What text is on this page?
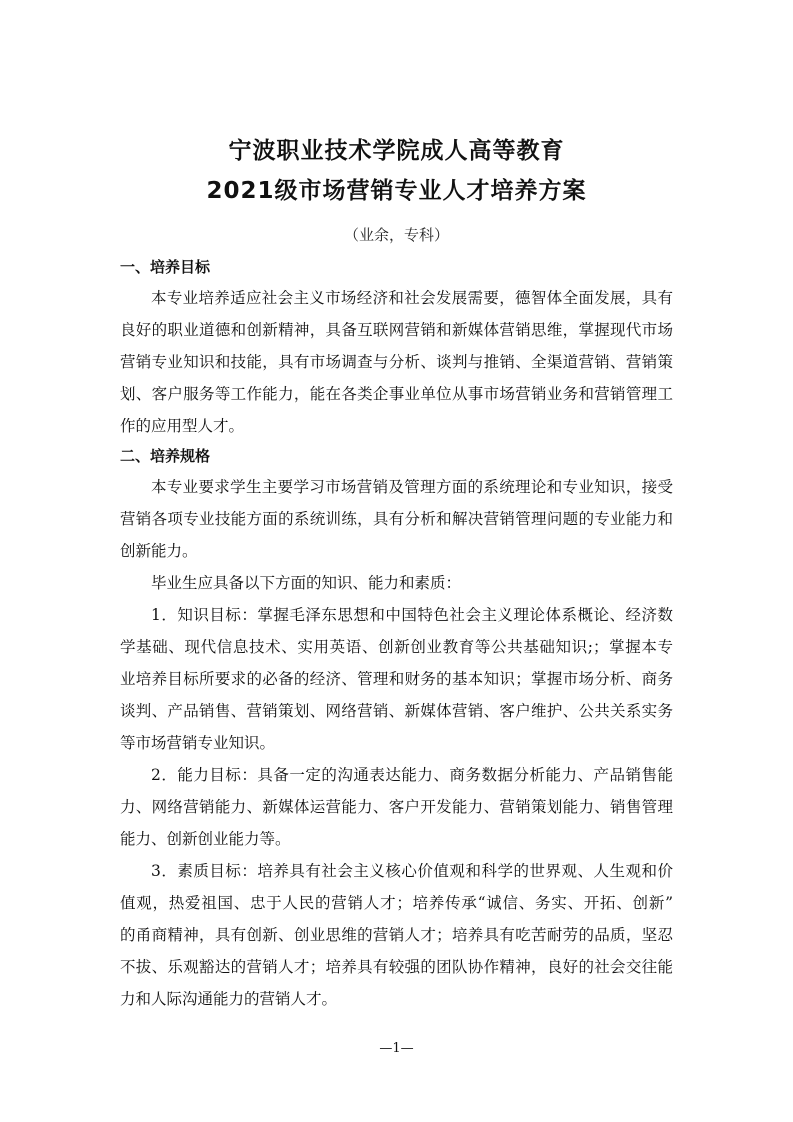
宁波职业技术学院成人高等教育
2021级市场营销专业人才培养方案
（业余，专科）
一、培养目标
本专业培养适应社会主义市场经济和社会发展需要，德智体全面发展，具有
良好的职业道德和创新精神，具备互联网营销和新媒体营销思维，掌握现代市场
营销专业知识和技能，具有市场调查与分析、谈判与推销、全渠道营销、营销策
划、客户服务等工作能力，能在各类企事业单位从事市场营销业务和营销管理工
作的应用型人才。
二、培养规格
本专业要求学生主要学习市场营销及管理方面的系统理论和专业知识，接受
营销各项专业技能方面的系统训练，具有分析和解决营销管理问题的专业能力和
创新能力。
毕业生应具备以下方面的知识、能力和素质：
1．知识目标：掌握毛泽东思想和中国特色社会主义理论体系概论、经济数
学基础、现代信息技术、实用英语、创新创业教育等公共基础知识;；掌握本专
业培养目标所要求的必备的经济、管理和财务的基本知识；掌握市场分析、商务
谈判、产品销售、营销策划、网络营销、新媒体营销、客户维护、公共关系实务
等市场营销专业知识。
2．能力目标：具备一定的沟通表达能力、商务数据分析能力、产品销售能
力、网络营销能力、新媒体运营能力、客户开发能力、营销策划能力、销售管理
能力、创新创业能力等。
3．素质目标：培养具有社会主义核心价值观和科学的世界观、人生观和价
值观，热爱祖国、忠于人民的营销人才；培养传承“诚信、务实、开拓、创新”
的甬商精神，具有创新、创业思维的营销人才；培养具有吃苦耐劳的品质，坚忍
不拔、乐观豁达的营销人才；培养具有较强的团队协作精神，良好的社会交往能
力和人际沟通能力的营销人才。
—1—
